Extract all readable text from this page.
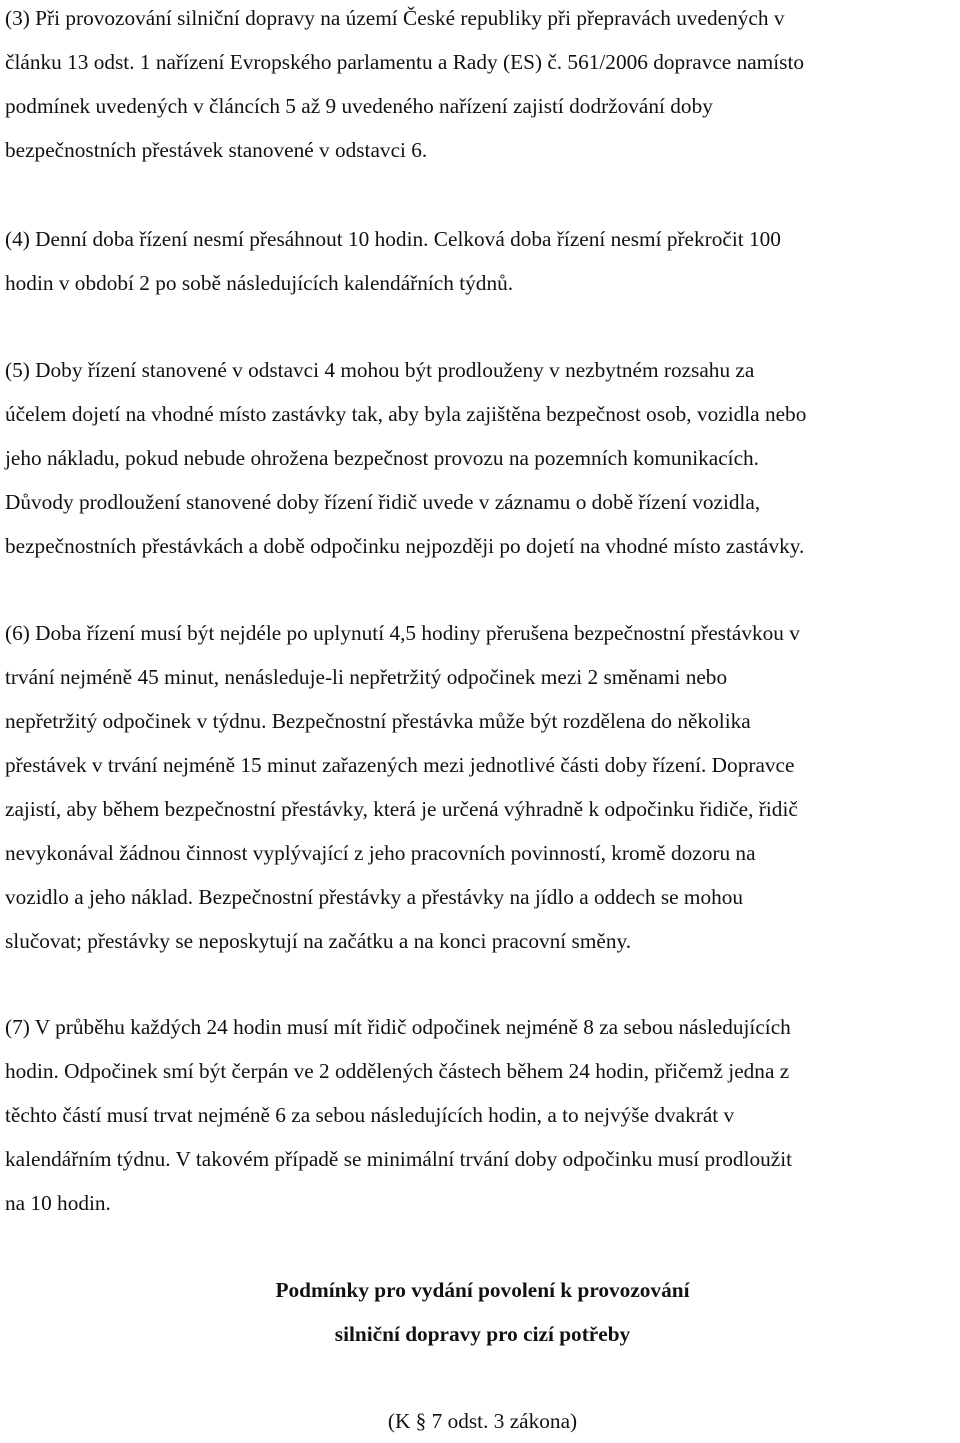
(3) Při provozování silniční dopravy na území České republiky při přepravách uvedených v
článku 13 odst. 1 nařízení Evropského parlamentu a Rady (ES) č. 561/2006 dopravce namísto
podmínek uvedených v článcích 5 až 9 uvedeného nařízení zajistí dodržování doby
bezpečnostních přestávek stanovené v odstavci 6.

(4) Denní doba řízení nesmí přesáhnout 10 hodin. Celková doba řízení nesmí překročit 100
hodin v období 2 po sobě následujících kalendářních týdnů.

(5) Doby řízení stanovené v odstavci 4 mohou být prodlouženy v nezbytném rozsahu za
účelem dojetí na vhodné místo zastávky tak, aby byla zajištěna bezpečnost osob, vozidla nebo
jeho nákladu, pokud nebude ohrožena bezpečnost provozu na pozemních komunikacích.
Důvody prodloužení stanovené doby řízení řidič uvede v záznamu o době řízení vozidla,
bezpečnostních přestávkách a době odpočinku nejpozději po dojetí na vhodné místo zastávky.

(6) Doba řízení musí být nejdéle po uplynutí 4,5 hodiny přerušena bezpečnostní přestávkou v
trvání nejméně 45 minut, nenásleduje-li nepřetržitý odpočinek mezi 2 směnami nebo
nepřetržitý odpočinek v týdnu. Bezpečnostní přestávka může být rozdělena do několika
přestávek v trvání nejméně 15 minut zařazených mezi jednotlivé části doby řízení. Dopravce
zajistí, aby během bezpečnostní přestávky, která je určená výhradně k odpočinku řidiče, řidič
nevykonával žádnou činnost vyplývající z jeho pracovních povinností, kromě dozoru na
vozidlo a jeho náklad. Bezpečnostní přestávky a přestávky na jídlo a oddech se mohou
slučovat; přestávky se neposkytují na začátku a na konci pracovní směny.

(7) V průběhu každých 24 hodin musí mít řidič odpočinek nejméně 8 za sebou následujících
hodin. Odpočinek smí být čerpán ve 2 oddělených částech během 24 hodin, přičemž jedna z
těchto částí musí trvat nejméně 6 za sebou následujících hodin, a to nejvýše dvakrát v
kalendářním týdnu. V takovém případě se minimální trvání doby odpočinku musí prodloužit
na 10 hodin.

Podmínky pro vydání povolení k provozování

silniční dopravy pro cizí potřeby

(K § 7 odst. 3 zákona)
